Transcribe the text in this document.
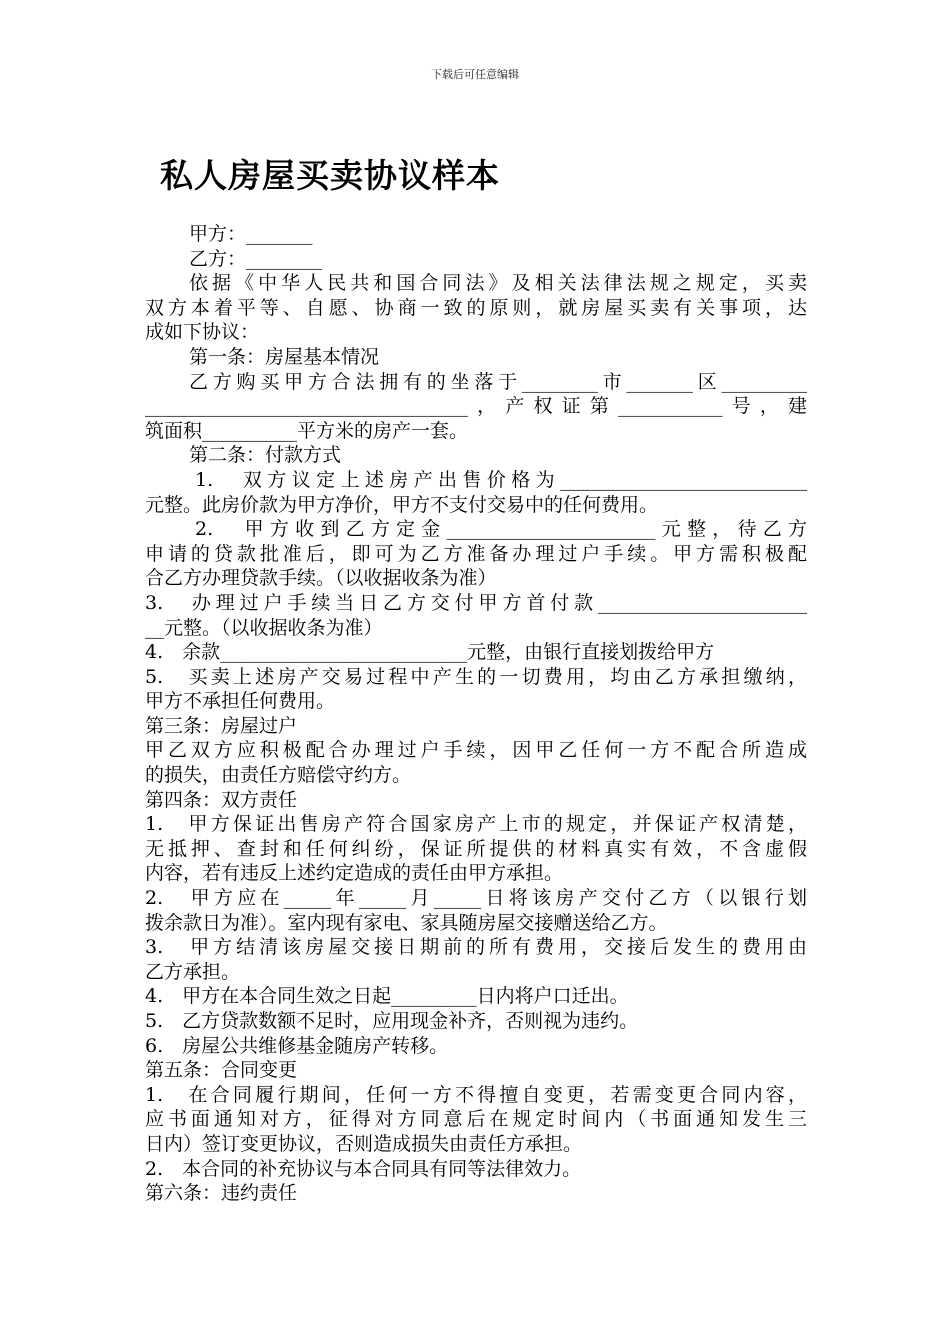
下载后可任意编辑
私人房屋买卖协议样本
甲方：_______
乙方：________
依据《中华人民共和国合同法》及相关法律法规之规定，买卖
双方本着平等、自愿、协商一致的原则，就房屋买卖有关事项，达
成如下协议：
第一条：房屋基本情况
乙方购买甲方合法拥有的坐落于________市_______区_________
__________________________________，产权证第___________号，建
筑面积__________平方米的房产一套。
第二条：付款方式
1.　双方议定上述房产出售价格为__________________________
元整。此房价款为甲方净价，甲方不支付交易中的任何费用。
2.　甲方收到乙方定金______________________元整，待乙方
申请的贷款批准后，即可为乙方准备办理过户手续。甲方需积极配
合乙方办理贷款手续。（以收据收条为准）
3.　办理过户手续当日乙方交付甲方首付款______________________
__元整。（以收据收条为准）
4.　余款__________________________元整，由银行直接划拨给甲方
5.　买卖上述房产交易过程中产生的一切费用，均由乙方承担缴纳，
甲方不承担任何费用。
第三条：房屋过户
甲乙双方应积极配合办理过户手续，因甲乙任何一方不配合所造成
的损失，由责任方赔偿守约方。
第四条：双方责任
1.　甲方保证出售房产符合国家房产上市的规定，并保证产权清楚，
无抵押、查封和任何纠纷，保证所提供的材料真实有效，不含虚假
内容，若有违反上述约定造成的责任由甲方承担。
2.　甲方应在_____年_____月_____日将该房产交付乙方（以银行划
拨余款日为准）。室内现有家电、家具随房屋交接赠送给乙方。
3.　甲方结清该房屋交接日期前的所有费用，交接后发生的费用由
乙方承担。
4.　甲方在本合同生效之日起_________日内将户口迁出。
5.　乙方贷款数额不足时，应用现金补齐，否则视为违约。
6.　房屋公共维修基金随房产转移。
第五条：合同变更
1.　在合同履行期间，任何一方不得擅自变更，若需变更合同内容，
应书面通知对方，征得对方同意后在规定时间内（书面通知发生三
日内）签订变更协议，否则造成损失由责任方承担。
2.　本合同的补充协议与本合同具有同等法律效力。
第六条：违约责任
